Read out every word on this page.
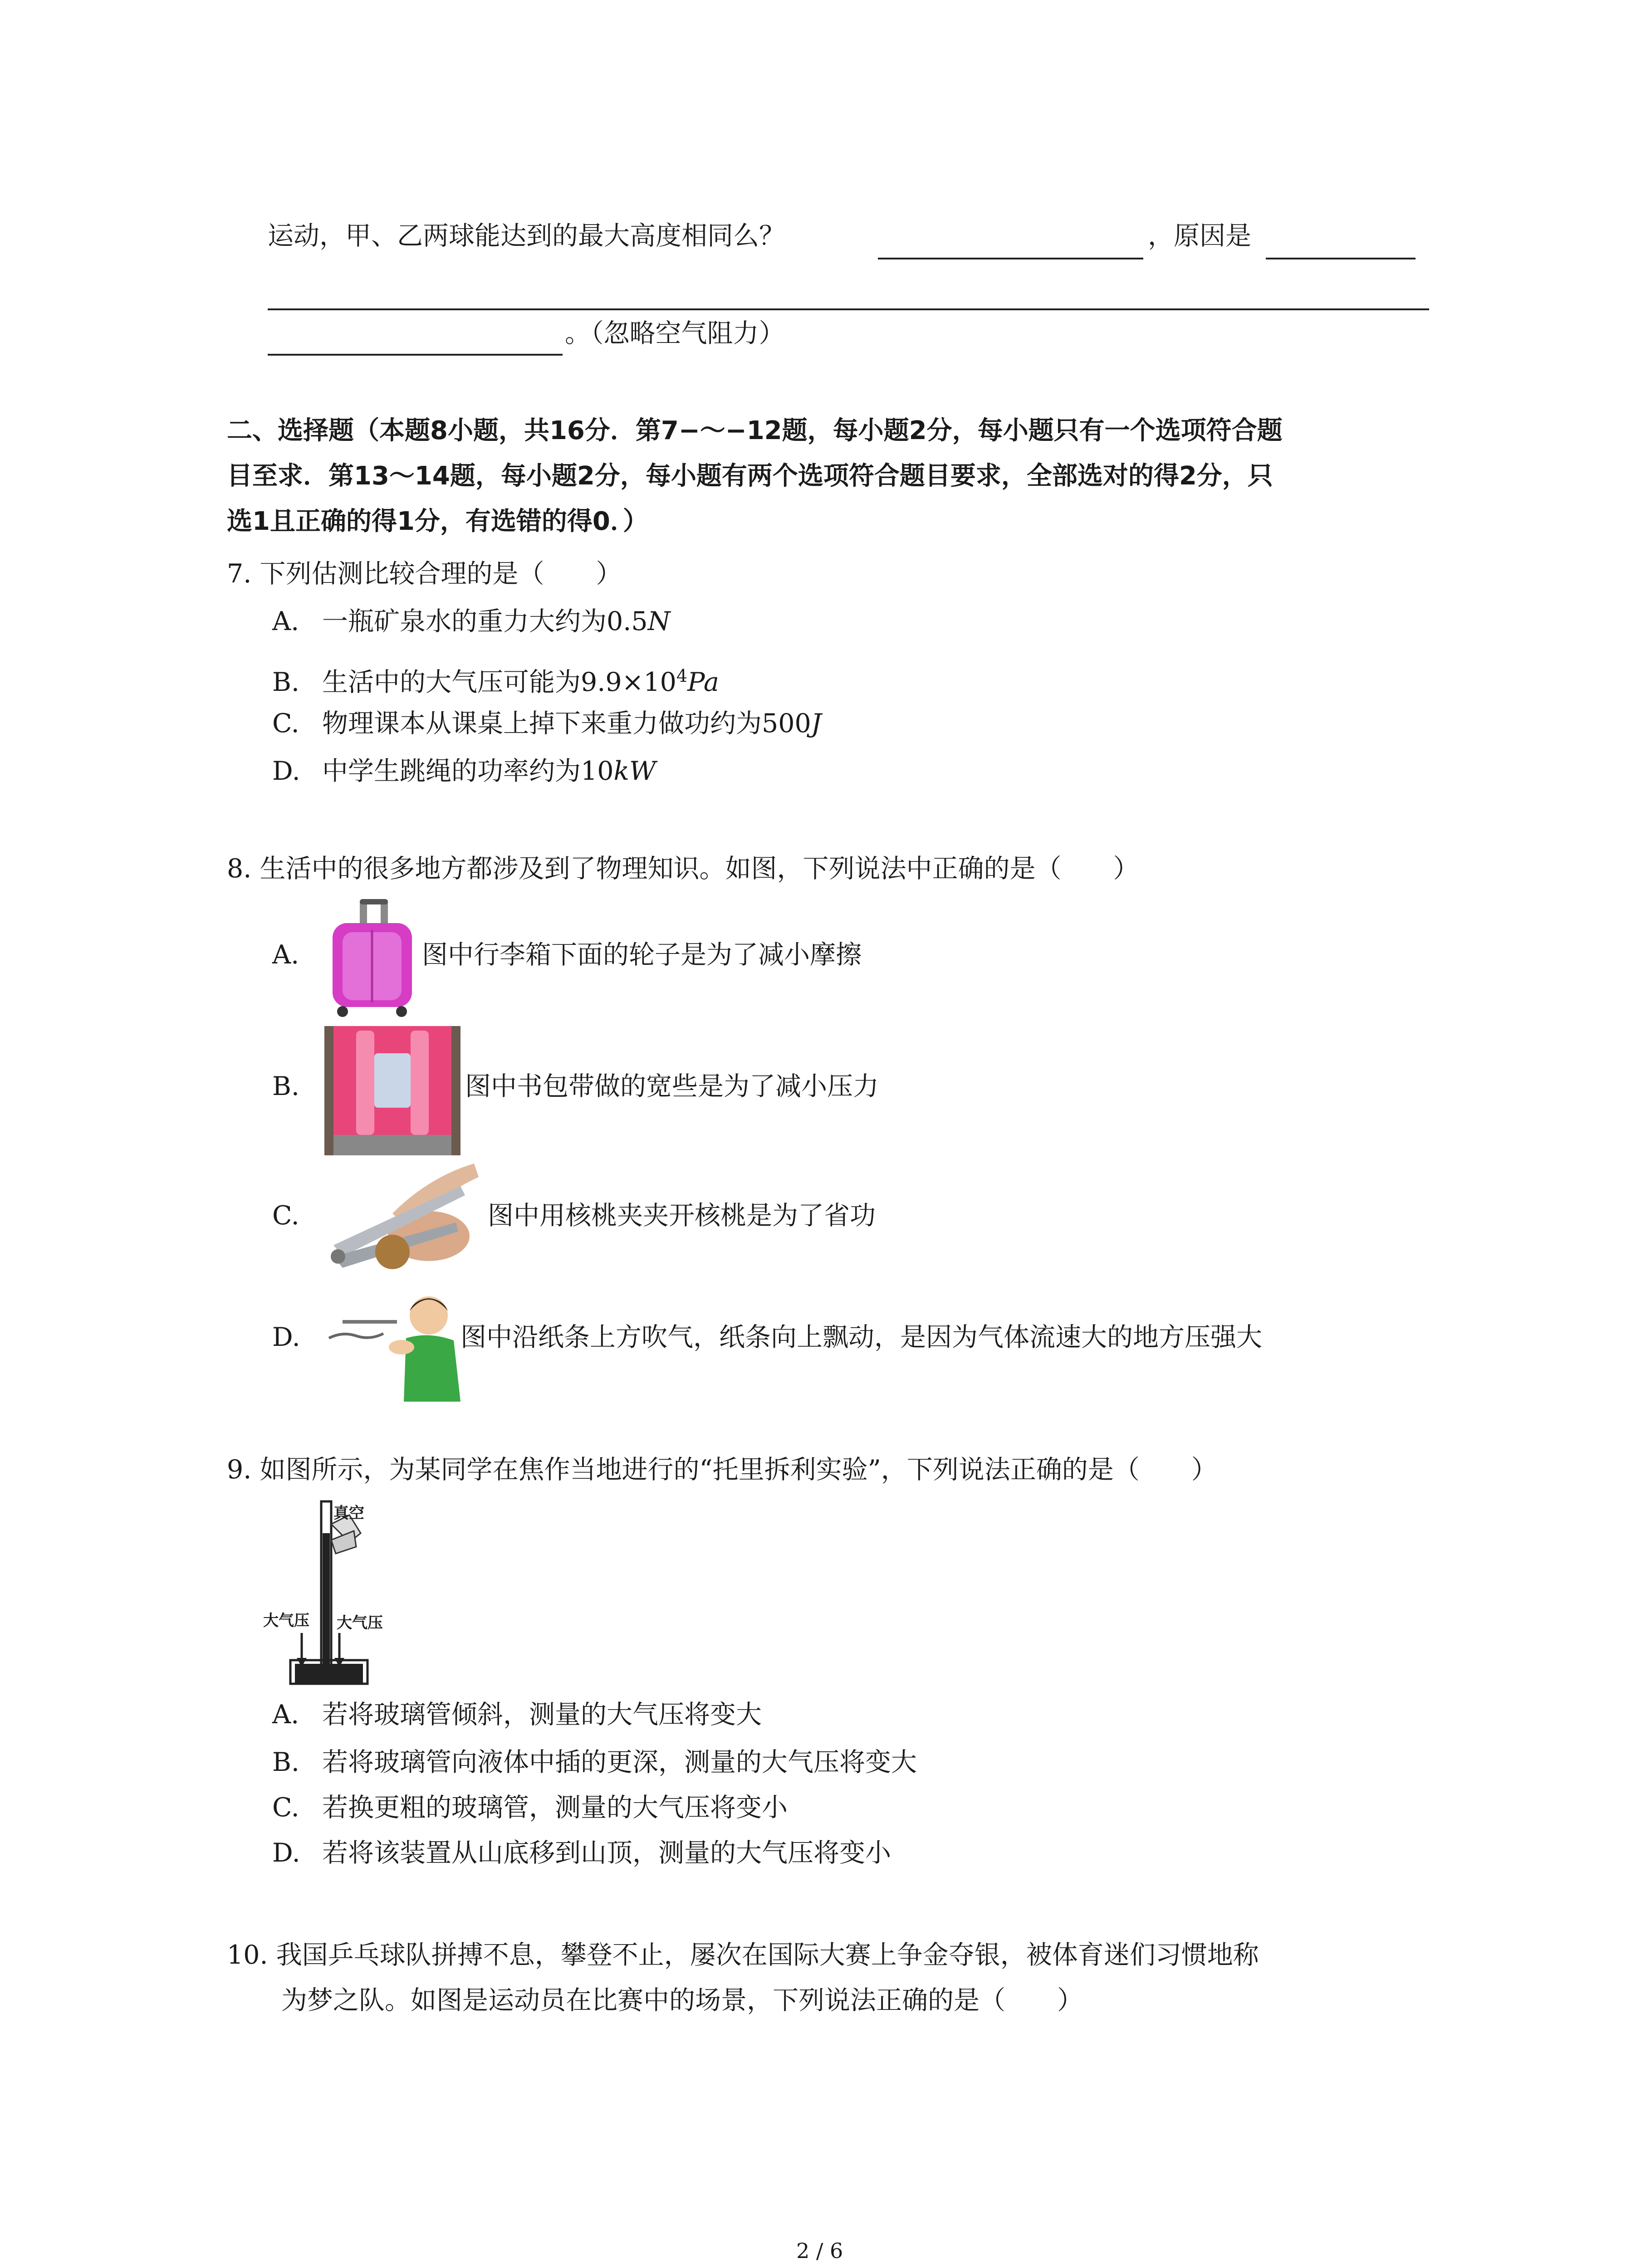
运动，甲、乙两球能达到的最大高度相同么？	，原因是
。（忽略空气阻力）
二、选择题（本题8小题，共16分．第7−～−12题，每小题2分，每小题只有一个选项符合题
目至求．第13～14题，每小题2分，每小题有两个选项符合题目要求，全部选对的得2分，只
选1且正确的得1分，有选错的得0．）
7. 下列估测比较合理的是（　　）
A. 一瓶矿泉水的重力大约为0.5N
B. 生活中的大气压可能为$9.9\times 10^4Pa$
C. 物理课本从课桌上掉下来重力做功约为500J
D. 中学生跳绳的功率约为10kW
8. 生活中的很多地方都涉及到了物理知识。如图，下列说法中正确的是（　　）
A.	图中行李箱下面的轮子是为了减小摩擦
B.	图中书包带做的宽些是为了减小压力
C.	图中用核桃夹夹开核桃是为了省功
D.	图中沿纸条上方吹气，纸条向上飘动，是因为气体流速大的地方压强大
9. 如图所示，为某同学在焦作当地进行的“托里拆利实验”，下列说法正确的是（　　）
真空
大气压 大气压
A. 若将玻璃管倾斜，测量的大气压将变大
B. 若将玻璃管向液体中插的更深，测量的大气压将变大
C. 若换更粗的玻璃管，测量的大气压将变小
D. 若将该装置从山底移到山顶，测量的大气压将变小
10. 我国乒乓球队拼搏不息，攀登不止，屡次在国际大赛上争金夺银，被体育迷们习惯地称
为梦之队。如图是运动员在比赛中的场景，下列说法正确的是（　　）
2 / 6
